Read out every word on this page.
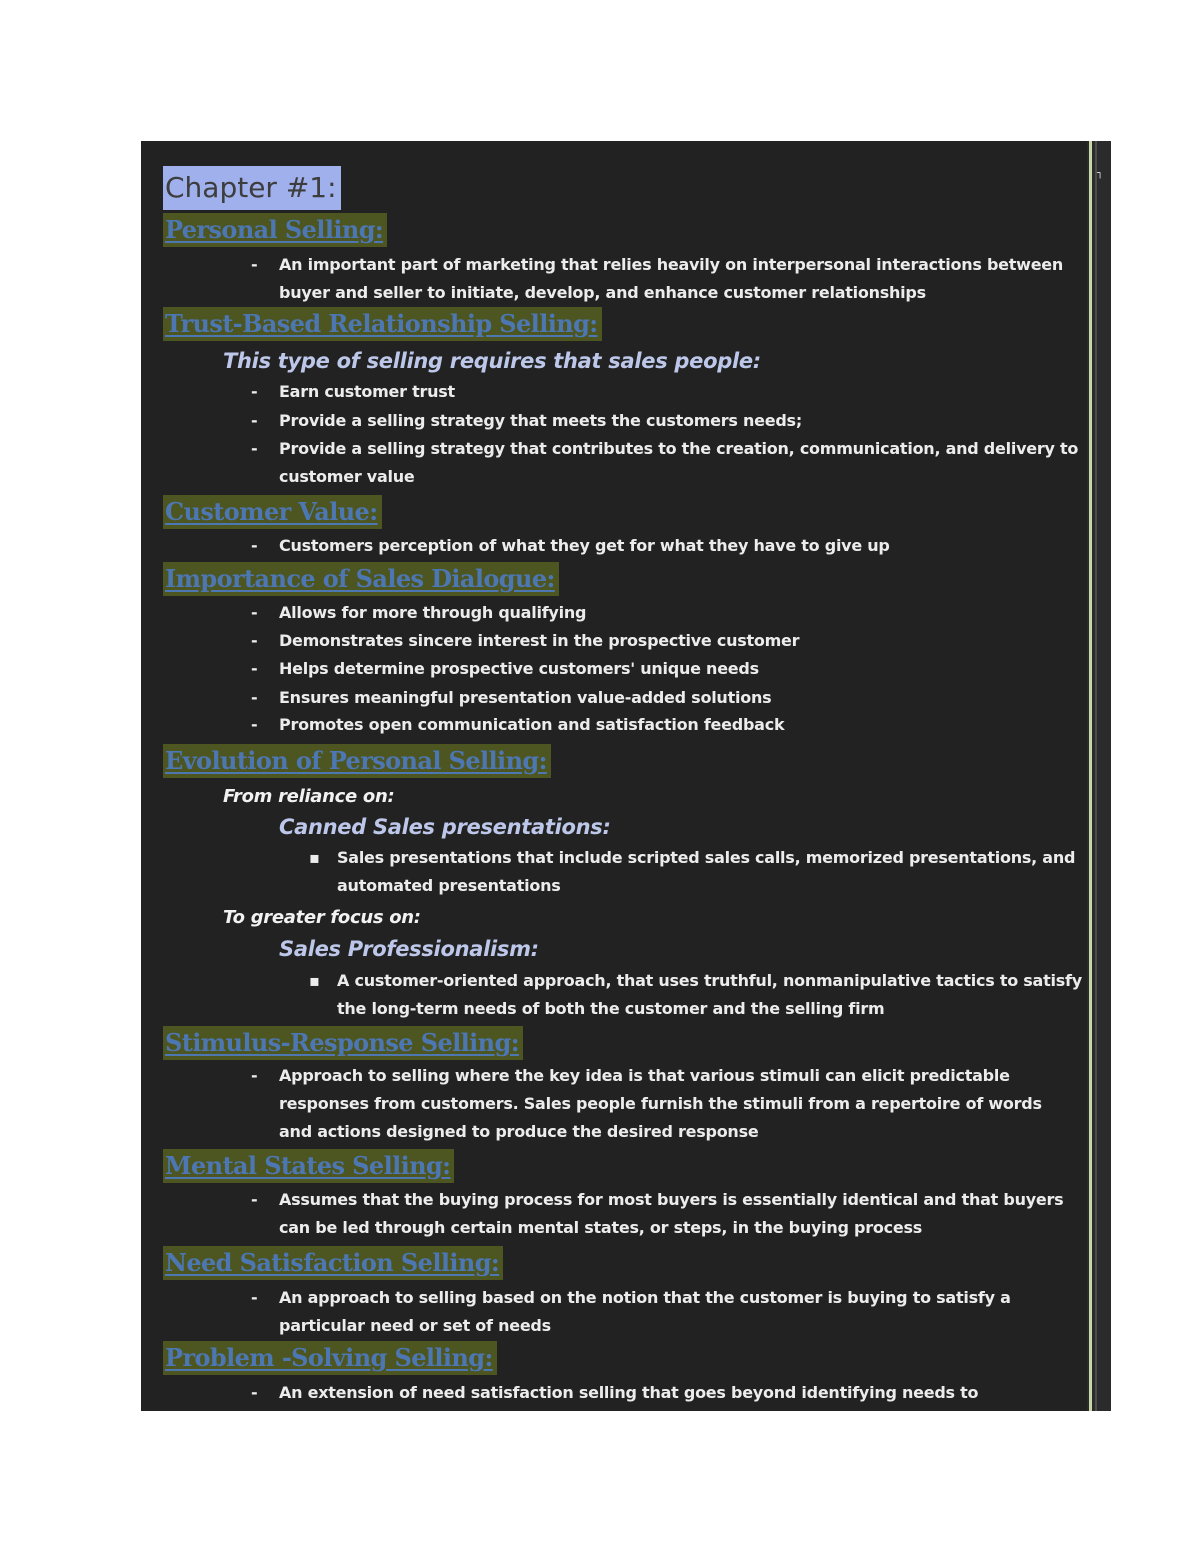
Chapter #1:
Personal Selling:
- An important part of marketing that relies heavily on interpersonal interactions between buyer and seller to initiate, develop, and enhance customer relationships
Trust-Based Relationship Selling:
This type of selling requires that sales people:
- Earn customer trust
- Provide a selling strategy that meets the customers needs;
- Provide a selling strategy that contributes to the creation, communication, and delivery to customer value
Customer Value:
- Customers perception of what they get for what they have to give up
Importance of Sales Dialogue:
- Allows for more through qualifying
- Demonstrates sincere interest in the prospective customer
- Helps determine prospective customers' unique needs
- Ensures meaningful presentation value-added solutions
- Promotes open communication and satisfaction feedback
Evolution of Personal Selling:
From reliance on:
Canned Sales presentations:
▪ Sales presentations that include scripted sales calls, memorized presentations, and automated presentations
To greater focus on:
Sales Professionalism:
▪ A customer-oriented approach, that uses truthful, nonmanipulative tactics to satisfy the long-term needs of both the customer and the selling firm
Stimulus-Response Selling:
- Approach to selling where the key idea is that various stimuli can elicit predictable responses from customers. Sales people furnish the stimuli from a repertoire of words and actions designed to produce the desired response
Mental States Selling:
- Assumes that the buying process for most buyers is essentially identical and that buyers can be led through certain mental states, or steps, in the buying process
Need Satisfaction Selling:
- An approach to selling based on the notion that the customer is buying to satisfy a particular need or set of needs
Problem -Solving Selling:
- An extension of need satisfaction selling that goes beyond identifying needs to
┐
